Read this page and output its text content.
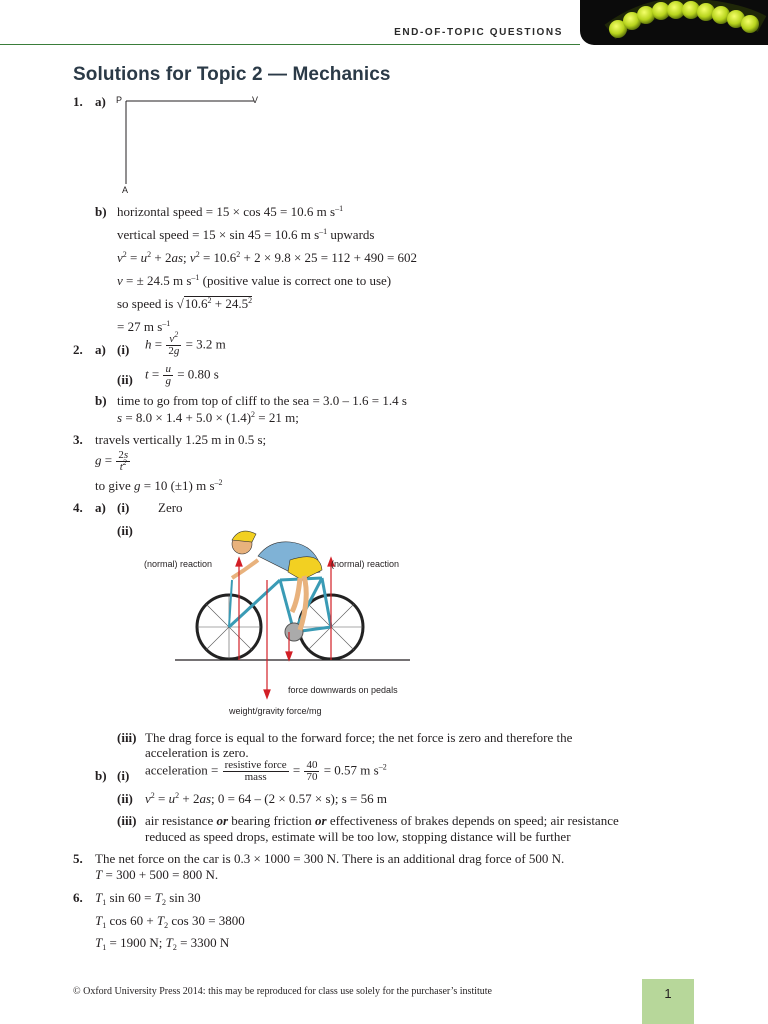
END-OF-TOPIC QUESTIONS
Solutions for Topic 2 — Mechanics
1. a) P	V
A
b) horizontal speed = 15 × cos 45 = 10.6 m $s^{-1}$
vertical speed = 15 × sin 45 = 10.6 m $s^{-1}$ upwards
$v^2 = u^2 + 2as$; $v^2 = 10.6^2 + 2 \times 9.8 \times 25 = 112 + 490 = 602$
v = ± 24.5 m $s^{-1}$ (positive value is correct one to use)
so speed is $√10.6^2 + 24.5^2$
= 27 m $s^{-1}$
2. a) (i) $h = \frac{v^2}{2g} = 3.2$ m
(ii) $t = \frac{u}{g} = 0.80$ s
b) time to go from top of cliff to the sea = 3.0 – 1.6 = 1.4 s
$s = 8.0 \times 1.4 + 5.0 \times (1.4)^2 = 21$ m;
3. travels vertically 1.25 m in 0.5 s;
$g = \frac{2s}{t^2}$
to give g = 10 (±1) m $s^{-2}$
4. a) (i) Zero
(ii)
(normal) reaction	(normal) reaction
force downwards on pedals
weight/gravity force/mg
(iii) The drag force is equal to the forward force; the net force is zero and therefore the
acceleration is zero.
b) (i) acceleration = $\frac{\text{resistive force}}{\text{mass}} = \frac{40}{70} = 0.57$ m $s^{-2}$
(ii) $v^2 = u^2 + 2as$; 0 = 64 – (2 × 0.57 × s); s = 56 m
(iii) air resistance or bearing friction or effectiveness of brakes depends on speed; air resistance
reduced as speed drops, estimate will be too low, stopping distance will be further
5. The net force on the car is 0.3 × 1000 = 300 N. There is an additional drag force of 500 N.
T = 300 + 500 = 800 N.
6. $T_1$ $\sin 60 = T_2$ sin 30
$T_1$ $\cos 60 + T_2$ cos 30 = 3800
$T_1 = 1900$ N; $T_2 = 3300$ N
© Oxford University Press 2014: this may be reproduced for class use solely for the purchaser’s institute	1
